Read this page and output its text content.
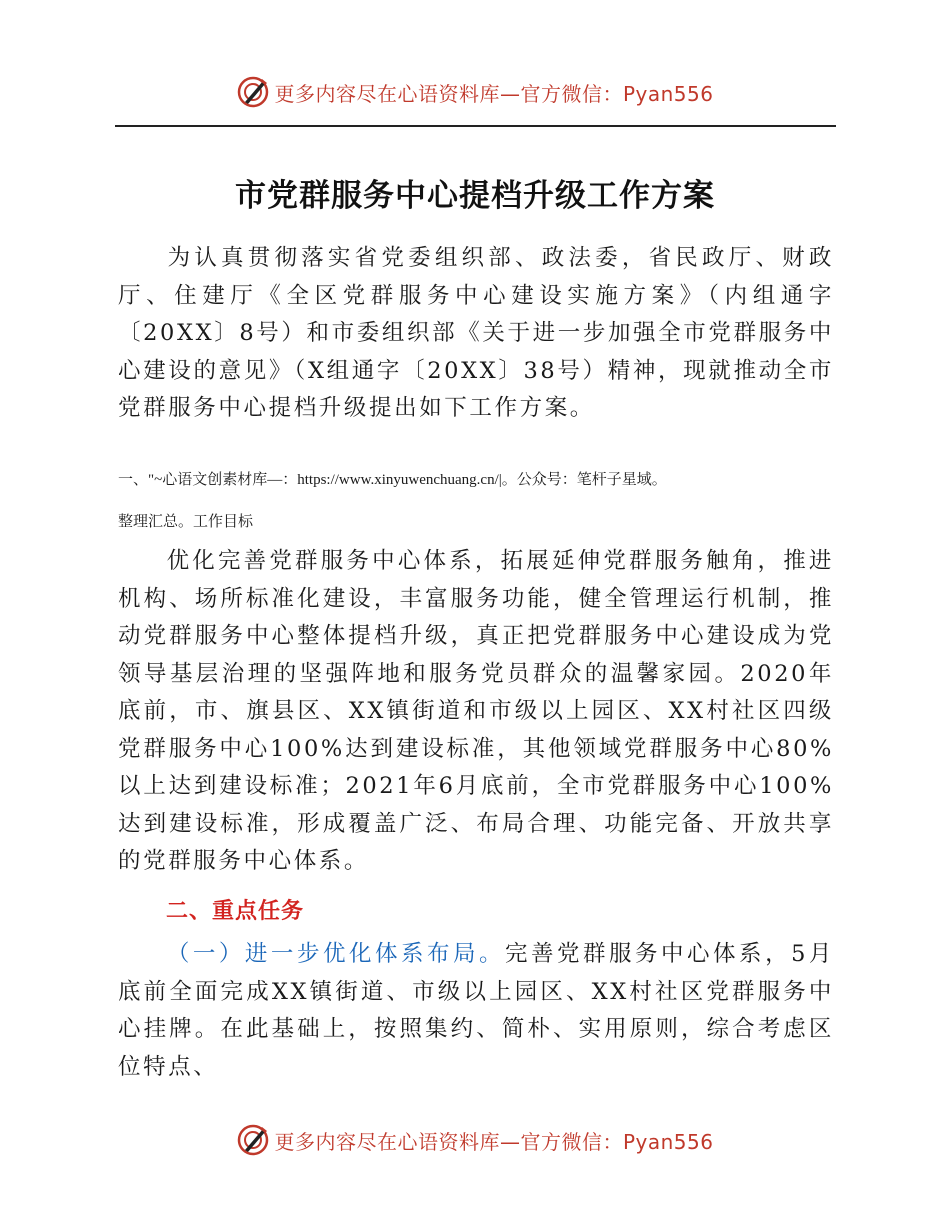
更多内容尽在心语资料库—官方微信：Pyan556
市党群服务中心提档升级工作方案

为认真贯彻落实省党委组织部、政法委，省民政厅、财政厅、住建厅《全区党群服务中心建设实施方案》（内组通字〔20XX〕8号）和市委组织部《关于进一步加强全市党群服务中心建设的意见》（X组通字〔20XX〕38号）精神，现就推动全市党群服务中心提档升级提出如下工作方案。

一、"~心语文创素材库—：https://www.xinyuwenchuang.cn/|。公众号：笔杆子星域。

整理汇总。工作目标

优化完善党群服务中心体系，拓展延伸党群服务触角，推进机构、场所标准化建设，丰富服务功能，健全管理运行机制，推动党群服务中心整体提档升级，真正把党群服务中心建设成为党领导基层治理的坚强阵地和服务党员群众的温馨家园。2020年底前，市、旗县区、XX镇街道和市级以上园区、XX村社区四级党群服务中心100%达到建设标准，其他领域党群服务中心80%以上达到建设标准；2021年6月底前，全市党群服务中心100%达到建设标准，形成覆盖广泛、布局合理、功能完备、开放共享的党群服务中心体系。

二、重点任务

（一）进一步优化体系布局。完善党群服务中心体系，5月底前全面完成XX镇街道、市级以上园区、XX村社区党群服务中心挂牌。在此基础上，按照集约、简朴、实用原则，综合考虑区位特点、

更多内容尽在心语资料库—官方微信：Pyan556
